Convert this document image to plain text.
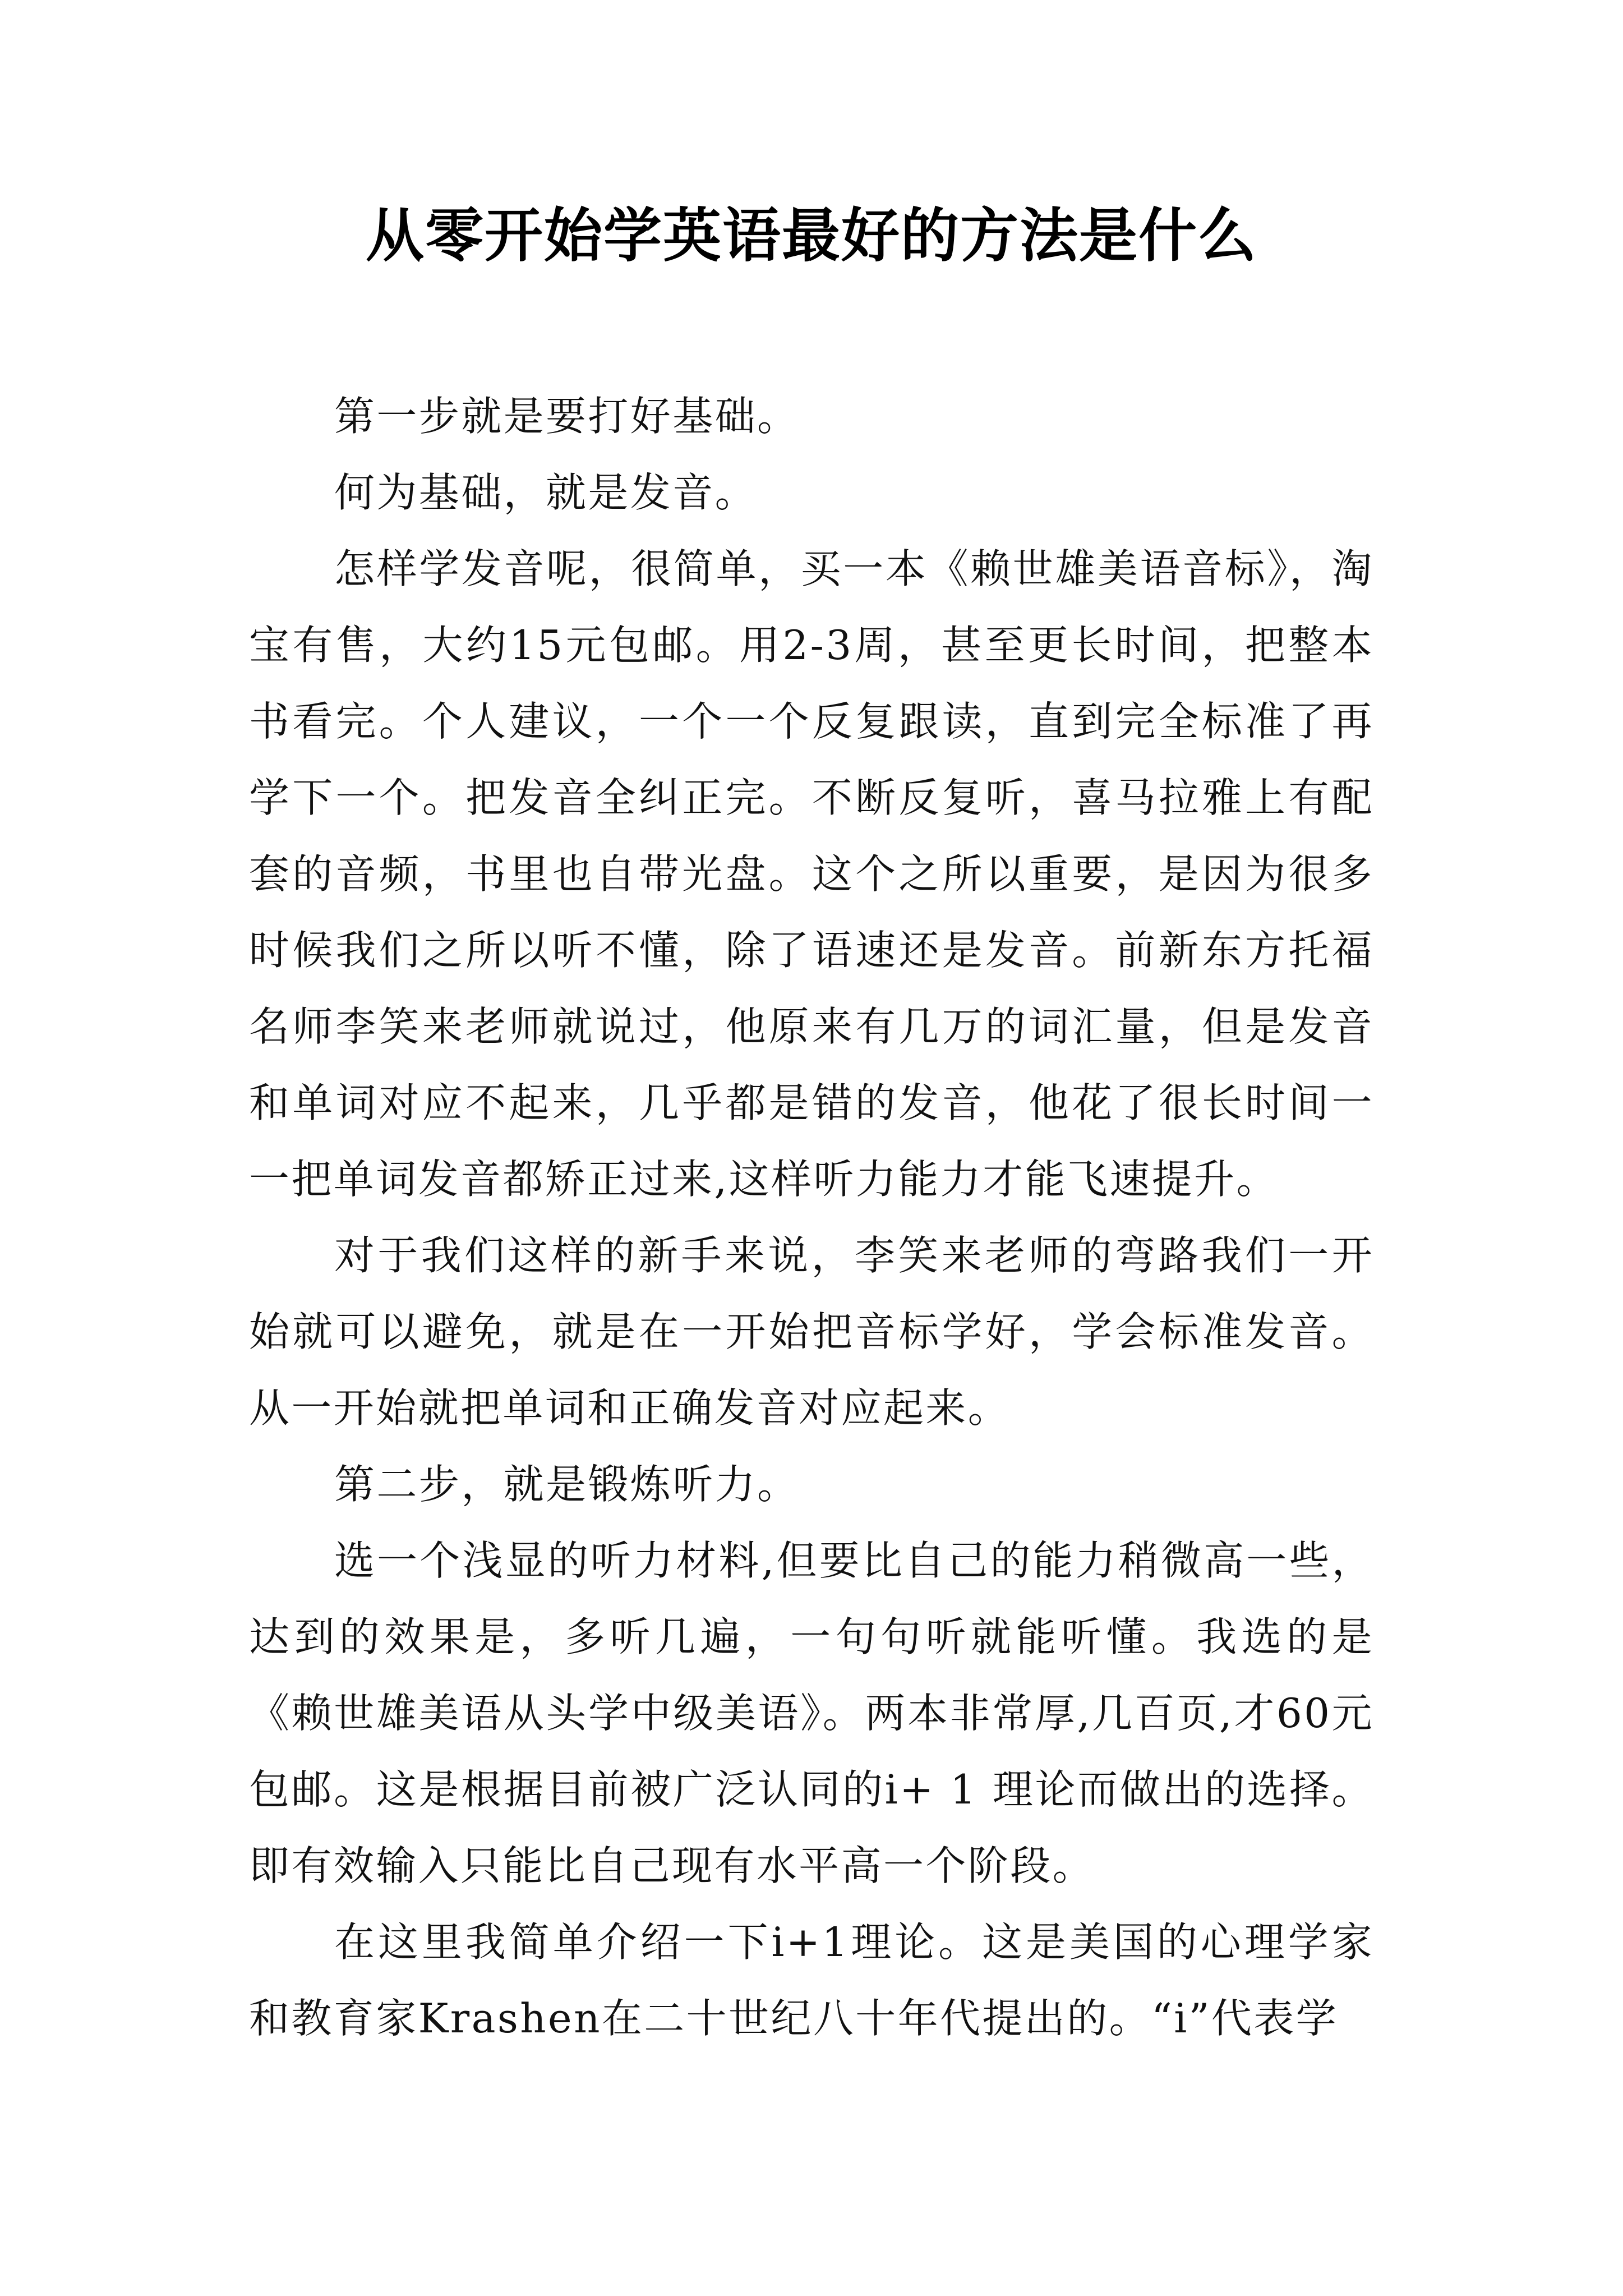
从零开始学英语最好的方法是什么

第一步就是要打好基础。

何为基础，就是发音。

怎样学发音呢，很简单，买一本《赖世雄美语音标》，淘宝有售，大约15元包邮。用2-3周，甚至更长时间，把整本书看完。个人建议，一个一个反复跟读，直到完全标准了再学下一个。把发音全纠正完。不断反复听，喜马拉雅上有配套的音频，书里也自带光盘。这个之所以重要，是因为很多时候我们之所以听不懂，除了语速还是发音。前新东方托福名师李笑来老师就说过，他原来有几万的词汇量，但是发音和单词对应不起来，几乎都是错的发音，他花了很长时间一一把单词发音都矫正过来,这样听力能力才能飞速提升。

对于我们这样的新手来说，李笑来老师的弯路我们一开始就可以避免，就是在一开始把音标学好，学会标准发音。从一开始就把单词和正确发音对应起来。

第二步，就是锻炼听力。

选一个浅显的听力材料,但要比自己的能力稍微高一些，达到的效果是，多听几遍，一句句听就能听懂。我选的是《赖世雄美语从头学中级美语》。两本非常厚,几百页,才60元包邮。这是根据目前被广泛认同的i+ 1 理论而做出的选择。即有效输入只能比自己现有水平高一个阶段。

在这里我简单介绍一下i+1理论。这是美国的心理学家和教育家Krashen在二十世纪八十年代提出的。“i”代表学
